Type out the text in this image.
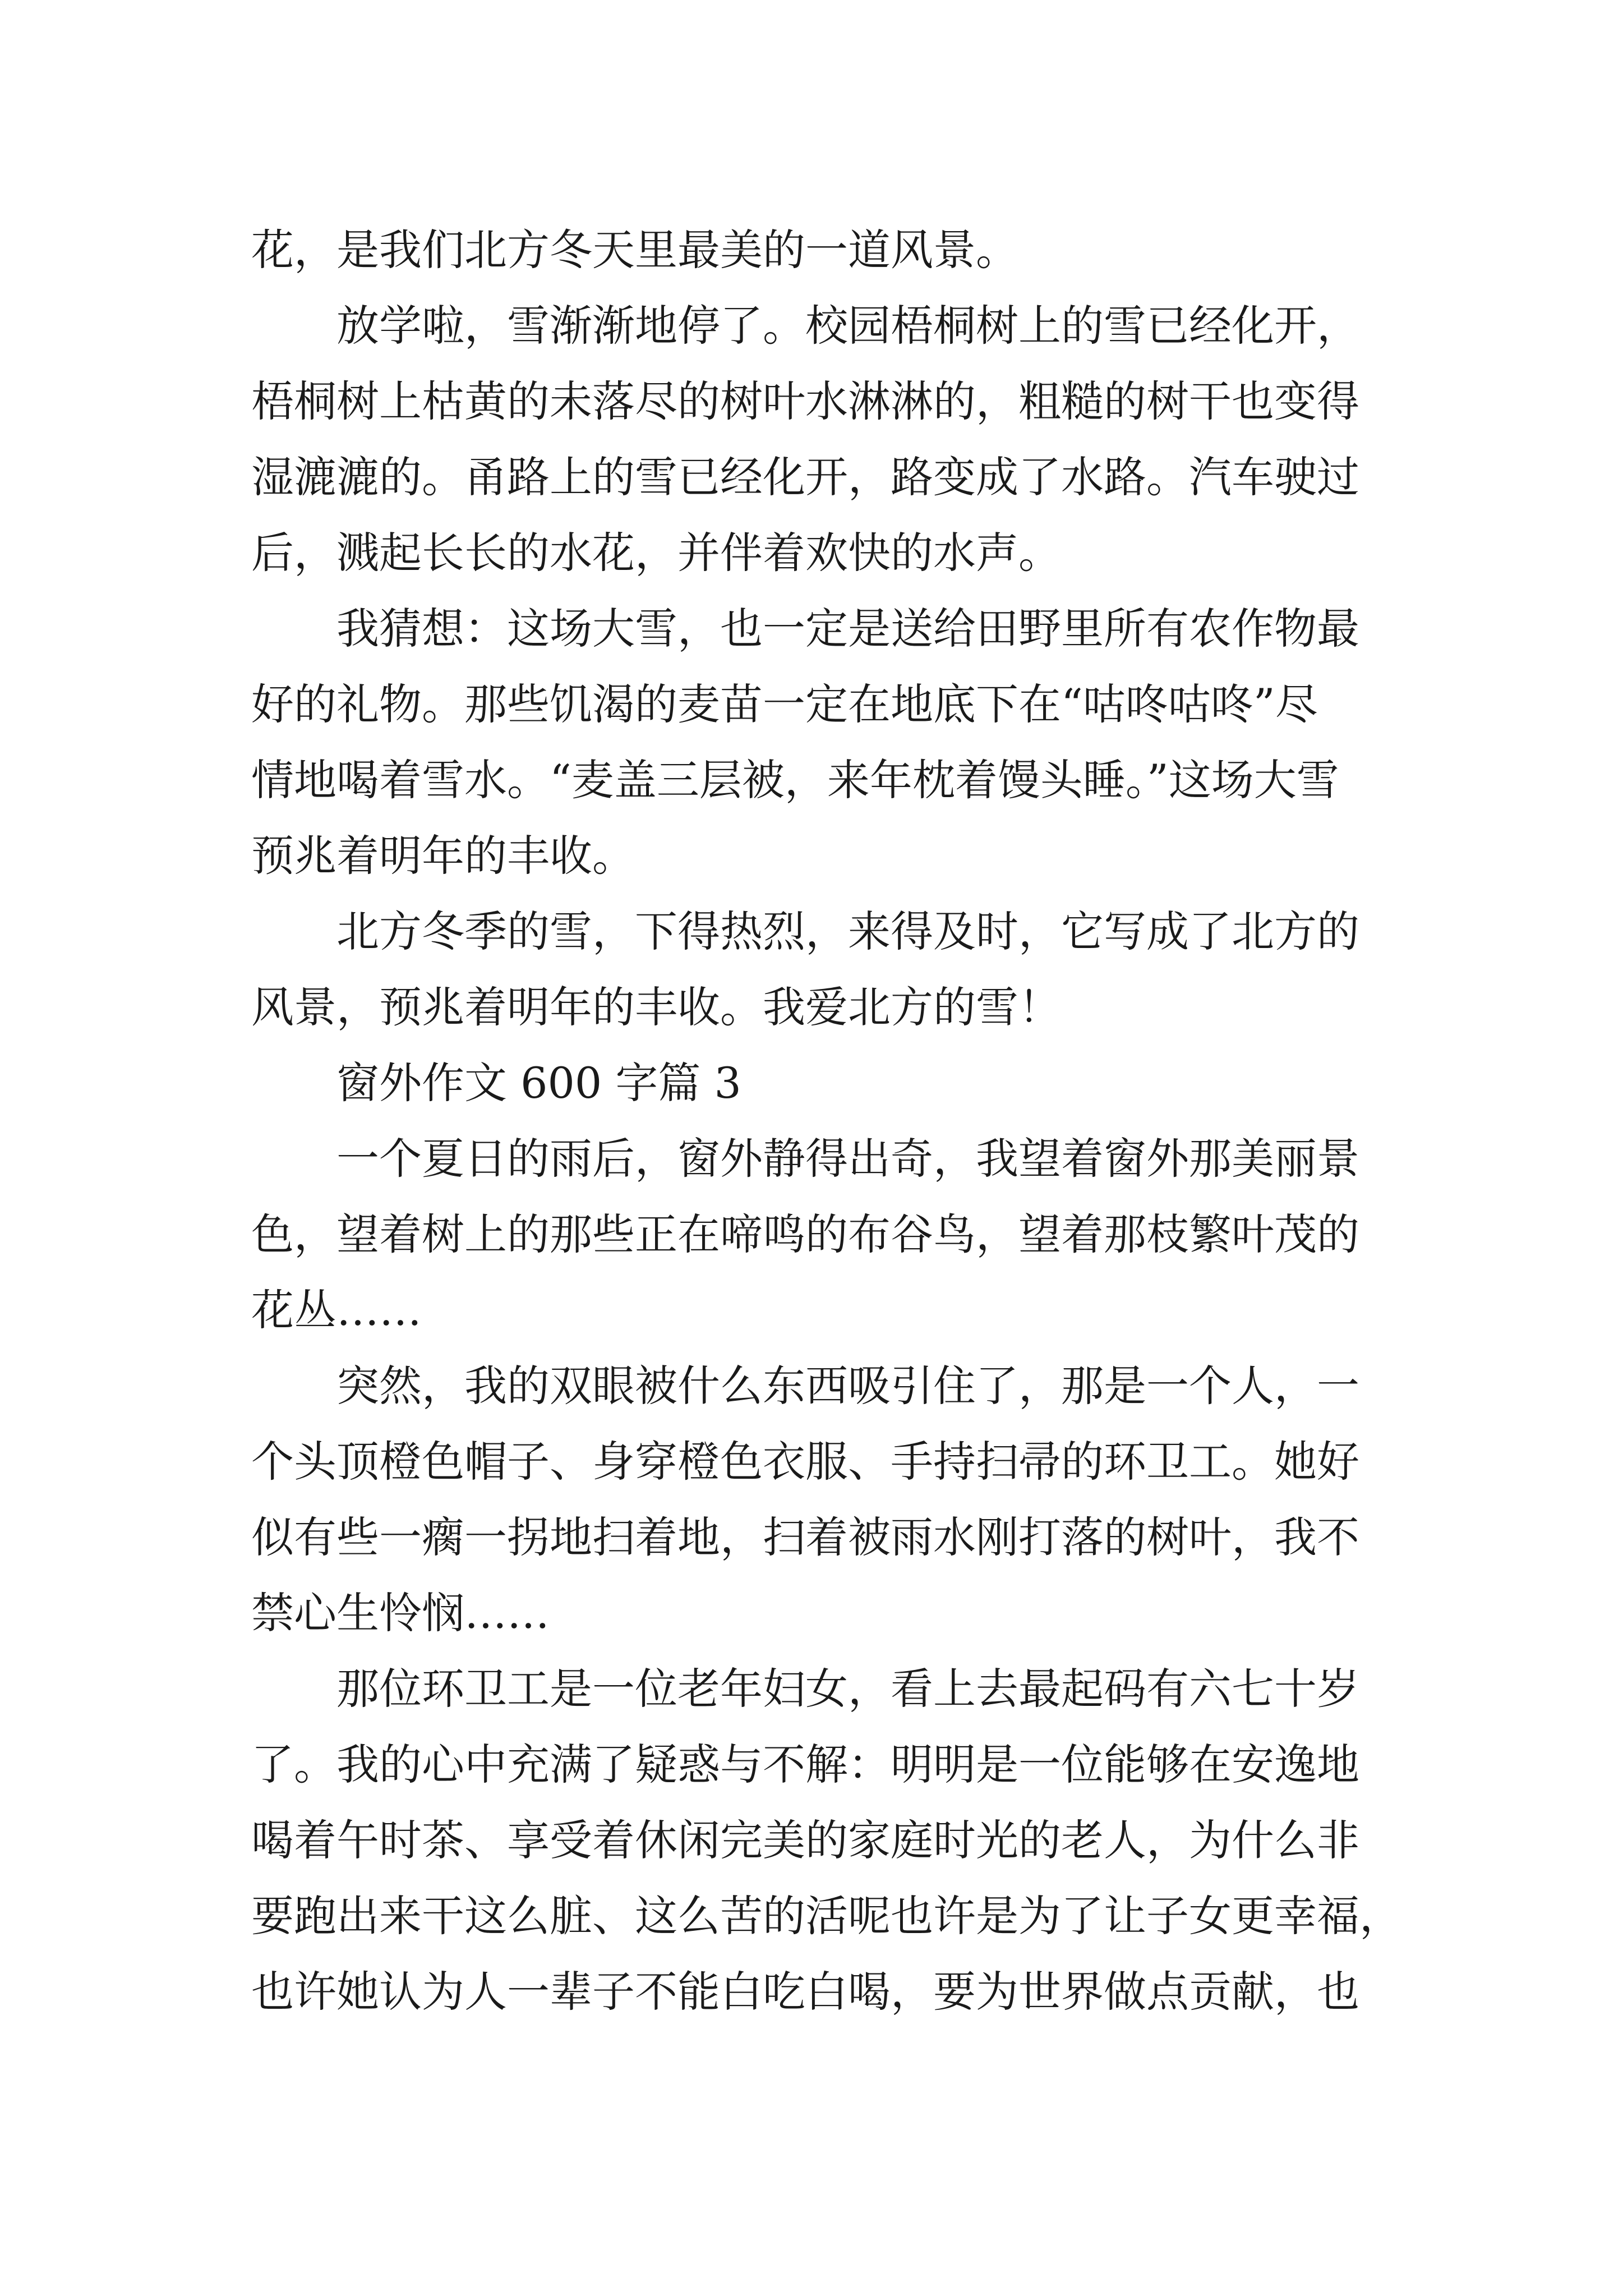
花，是我们北方冬天里最美的一道风景。

放学啦，雪渐渐地停了。校园梧桐树上的雪已经化开，

梧桐树上枯黄的未落尽的树叶水淋淋的，粗糙的树干也变得

湿漉漉的。甬路上的雪已经化开，路变成了水路。汽车驶过

后，溅起长长的水花，并伴着欢快的水声。

我猜想：这场大雪，也一定是送给田野里所有农作物最

好的礼物。那些饥渴的麦苗一定在地底下在“咕咚咕咚”尽

情地喝着雪水。“麦盖三层被，来年枕着馒头睡。”这场大雪

预兆着明年的丰收。

北方冬季的雪，下得热烈，来得及时，它写成了北方的

风景，预兆着明年的丰收。我爱北方的雪！

窗外作文 600 字篇 3

一个夏日的雨后，窗外静得出奇，我望着窗外那美丽景

色，望着树上的那些正在啼鸣的布谷鸟，望着那枝繁叶茂的

花丛……

突然，我的双眼被什么东西吸引住了，那是一个人，一

个头顶橙色帽子、身穿橙色衣服、手持扫帚的环卫工。她好

似有些一瘸一拐地扫着地，扫着被雨水刚打落的树叶，我不

禁心生怜悯……

那位环卫工是一位老年妇女，看上去最起码有六七十岁

了。我的心中充满了疑惑与不解：明明是一位能够在安逸地

喝着午时茶、享受着休闲完美的家庭时光的老人，为什么非

要跑出来干这么脏、这么苦的活呢也许是为了让子女更幸福，

也许她认为人一辈子不能白吃白喝，要为世界做点贡献，也
